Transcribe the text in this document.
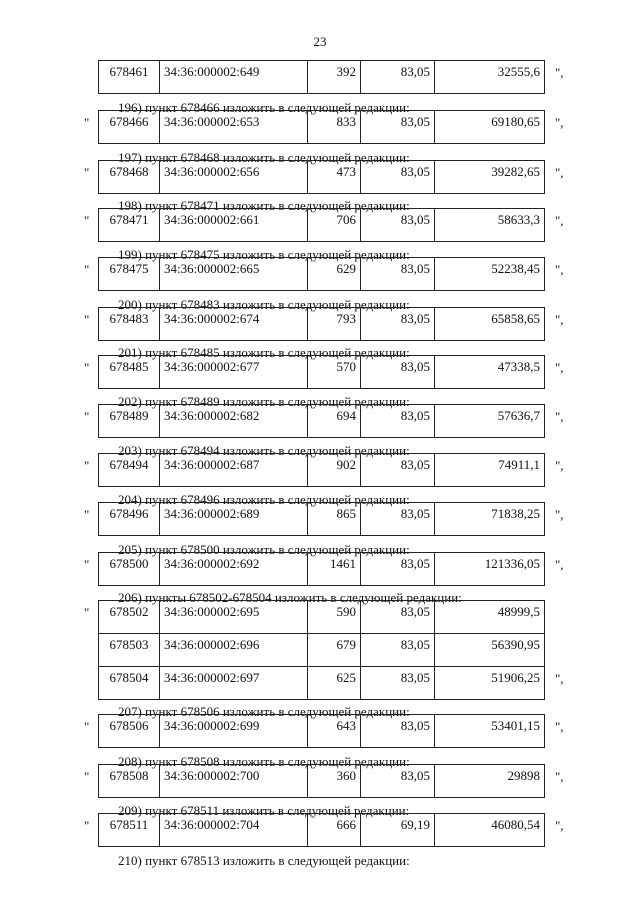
23
678461	34:36:000002:649	392	83,05	32555,6 ",
196) пункт 678466 изложить в следующей редакции:
678466	34:36:000002:653	833	83,05	69180,65
"	",
197) пункт 678468 изложить в следующей редакции:
678468	34:36:000002:656	473	83,05	39282,65
"	",
198) пункт 678471 изложить в следующей редакции:
678471	34:36:000002:661	706	83,05	58633,3
"	",
199) пункт 678475 изложить в следующей редакции:
678475	34:36:000002:665	629	83,05	52238,45
"	",
200) пункт 678483 изложить в следующей редакции:
678483	34:36:000002:674	793	83,05	65858,65
"	",
201) пункт 678485 изложить в следующей редакции:
678485	34:36:000002:677	570	83,05	47338,5
"	",
202) пункт 678489 изложить в следующей редакции:
678489	34:36:000002:682	694	83,05	57636,7
"	",
203) пункт 678494 изложить в следующей редакции:
678494	34:36:000002:687	902	83,05	74911,1
"	",
204) пункт 678496 изложить в следующей редакции:
678496	34:36:000002:689	865	83,05	71838,25
"	",
205) пункт 678500 изложить в следующей редакции:
678500	34:36:000002:692	1461	83,05	121336,05
"	",
206) пункты 678502-678504 изложить в следующей редакции:
678502	34:36:000002:695	590	83,05	48999,5
678503	34:36:000002:696	679	83,05	56390,95
678504	34:36:000002:697	625	83,05	51906,25
"
",
207) пункт 678506 изложить в следующей редакции:
678506	34:36:000002:699	643	83,05	53401,15
"	",
208) пункт 678508 изложить в следующей редакции:
678508	34:36:000002:700	360	83,05	29898
"	",
209) пункт 678511 изложить в следующей редакции:
678511	34:36:000002:704	666	69,19	46080,54
"	",
210) пункт 678513 изложить в следующей редакции:
